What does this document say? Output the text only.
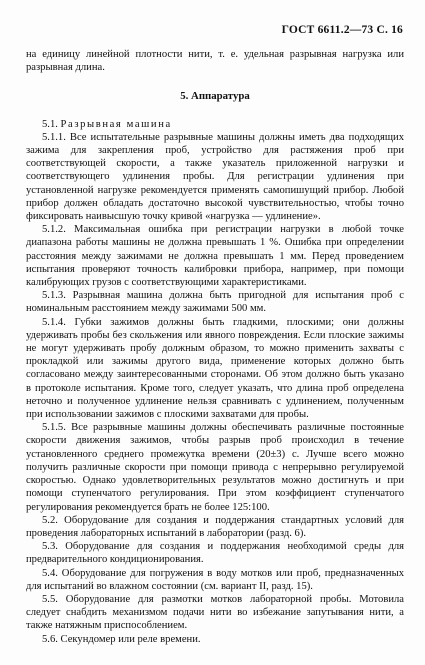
ГОСТ 6611.2—73 С. 16

на единицу линейной плотности нити, т. е. удельная разрывная нагрузка или разрывная длина.

5. Аппаратура

5.1. Разрывная машина

5.1.1. Все испытательные разрывные машины должны иметь два подходящих зажима для закрепления проб, устройство для растяжения проб при соответствующей скорости, а также указатель приложенной нагрузки и соответствующего удлинения пробы. Для регистрации удлинения при установленной нагрузке рекомендуется применять самопишущий прибор. Любой прибор должен обладать достаточно высокой чувствительностью, чтобы точно фиксировать наивысшую точку кривой «нагрузка — удлинение».

5.1.2. Максимальная ошибка при регистрации нагрузки в любой точке диапазона работы машины не должна превышать 1 %. Ошибка при определении расстояния между зажимами не должна превышать 1 мм. Перед проведением испытания проверяют точность калибровки прибора, например, при помощи калибрующих грузов с соответствующими характеристиками.

5.1.3. Разрывная машина должна быть пригодной для испытания проб с номинальным расстоянием между зажимами 500 мм.

5.1.4. Губки зажимов должны быть гладкими, плоскими; они должны удерживать пробы без скольжения или явного повреждения. Если плоские зажимы не могут удерживать пробу должным образом, то можно применить захваты с прокладкой или зажимы другого вида, применение которых должно быть согласовано между заинтересованными сторонами. Об этом должно быть указано в протоколе испытания. Кроме того, следует указать, что длина проб определена неточно и полученное удлинение нельзя сравнивать с удлинением, полученным при использовании зажимов с плоскими захватами для пробы.

5.1.5. Все разрывные машины должны обеспечивать различные постоянные скорости движения зажимов, чтобы разрыв проб происходил в течение установленного среднего промежутка времени (20±3) с. Лучше всего можно получить различные скорости при помощи привода с непрерывно регулируемой скоростью. Однако удовлетворительных результатов можно достигнуть и при помощи ступенчатого регулирования. При этом коэффициент ступенчатого регулирования рекомендуется брать не более 125:100.

5.2. Оборудование для создания и поддержания стандартных условий для проведения лабораторных испытаний в лаборатории (разд. 6).

5.3. Оборудование для создания и поддержания необходимой среды для предварительного кондиционирования.

5.4. Оборудование для погружения в воду мотков или проб, предназначенных для испытаний во влажном состоянии (см. вариант II, разд. 15).

5.5. Оборудование для размотки мотков лабораторной пробы. Мотовила следует снабдить механизмом подачи нити во избежание запутывания нити, а также натяжным приспособлением.

5.6. Секундомер или реле времени.
